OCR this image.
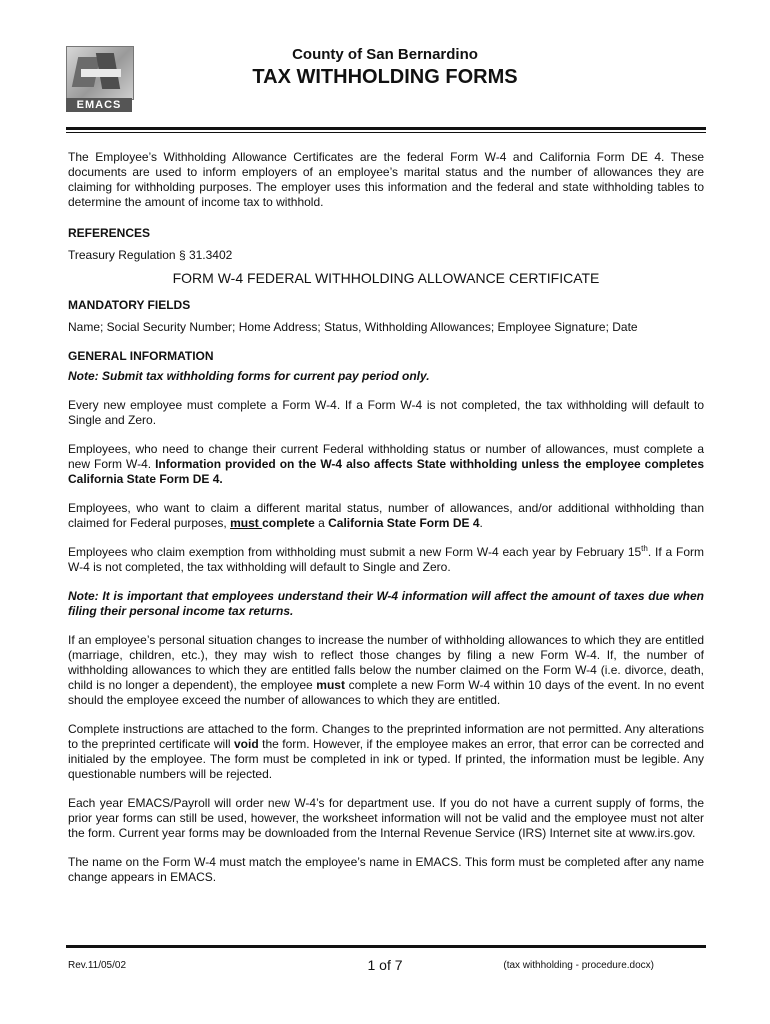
EMACS
County of San Bernardino
TAX WITHHOLDING FORMS

The Employee’s Withholding Allowance Certificates are the federal Form W-4 and California Form DE 4. These documents are used to inform employers of an employee’s marital status and the number of allowances they are claiming for withholding purposes. The employer uses this information and the federal and state withholding tables to determine the amount of income tax to withhold.

REFERENCES

Treasury Regulation § 31.3402

FORM W-4 FEDERAL WITHHOLDING ALLOWANCE CERTIFICATE

MANDATORY FIELDS

Name; Social Security Number; Home Address; Status, Withholding Allowances; Employee Signature; Date

GENERAL INFORMATION

Note: Submit tax withholding forms for current pay period only.

Every new employee must complete a Form W-4. If a Form W-4 is not completed, the tax withholding will default to Single and Zero.

Employees, who need to change their current Federal withholding status or number of allowances, must complete a new Form W-4. Information provided on the W-4 also affects State withholding unless the employee completes California State Form DE 4.

Employees, who want to claim a different marital status, number of allowances, and/or additional withholding than claimed for Federal purposes, must complete a California State Form DE 4.

Employees who claim exemption from withholding must submit a new Form W-4 each year by February 15th. If a Form W-4 is not completed, the tax withholding will default to Single and Zero.

Note: It is important that employees understand their W-4 information will affect the amount of taxes due when filing their personal income tax returns.

If an employee’s personal situation changes to increase the number of withholding allowances to which they are entitled (marriage, children, etc.), they may wish to reflect those changes by filing a new Form W-4. If, the number of withholding allowances to which they are entitled falls below the number claimed on the Form W-4 (i.e. divorce, death, child is no longer a dependent), the employee must complete a new Form W-4 within 10 days of the event. In no event should the employee exceed the number of allowances to which they are entitled.

Complete instructions are attached to the form. Changes to the preprinted information are not permitted. Any alterations to the preprinted certificate will void the form. However, if the employee makes an error, that error can be corrected and initialed by the employee. The form must be completed in ink or typed. If printed, the information must be legible. Any questionable numbers will be rejected.

Each year EMACS/Payroll will order new W-4’s for department use. If you do not have a current supply of forms, the prior year forms can still be used, however, the worksheet information will not be valid and the employee must not alter the form. Current year forms may be downloaded from the Internal Revenue Service (IRS) Internet site at www.irs.gov.

The name on the Form W-4 must match the employee’s name in EMACS. This form must be completed after any name change appears in EMACS.

Rev.11/05/02	1 of 7	(tax withholding - procedure.docx)
